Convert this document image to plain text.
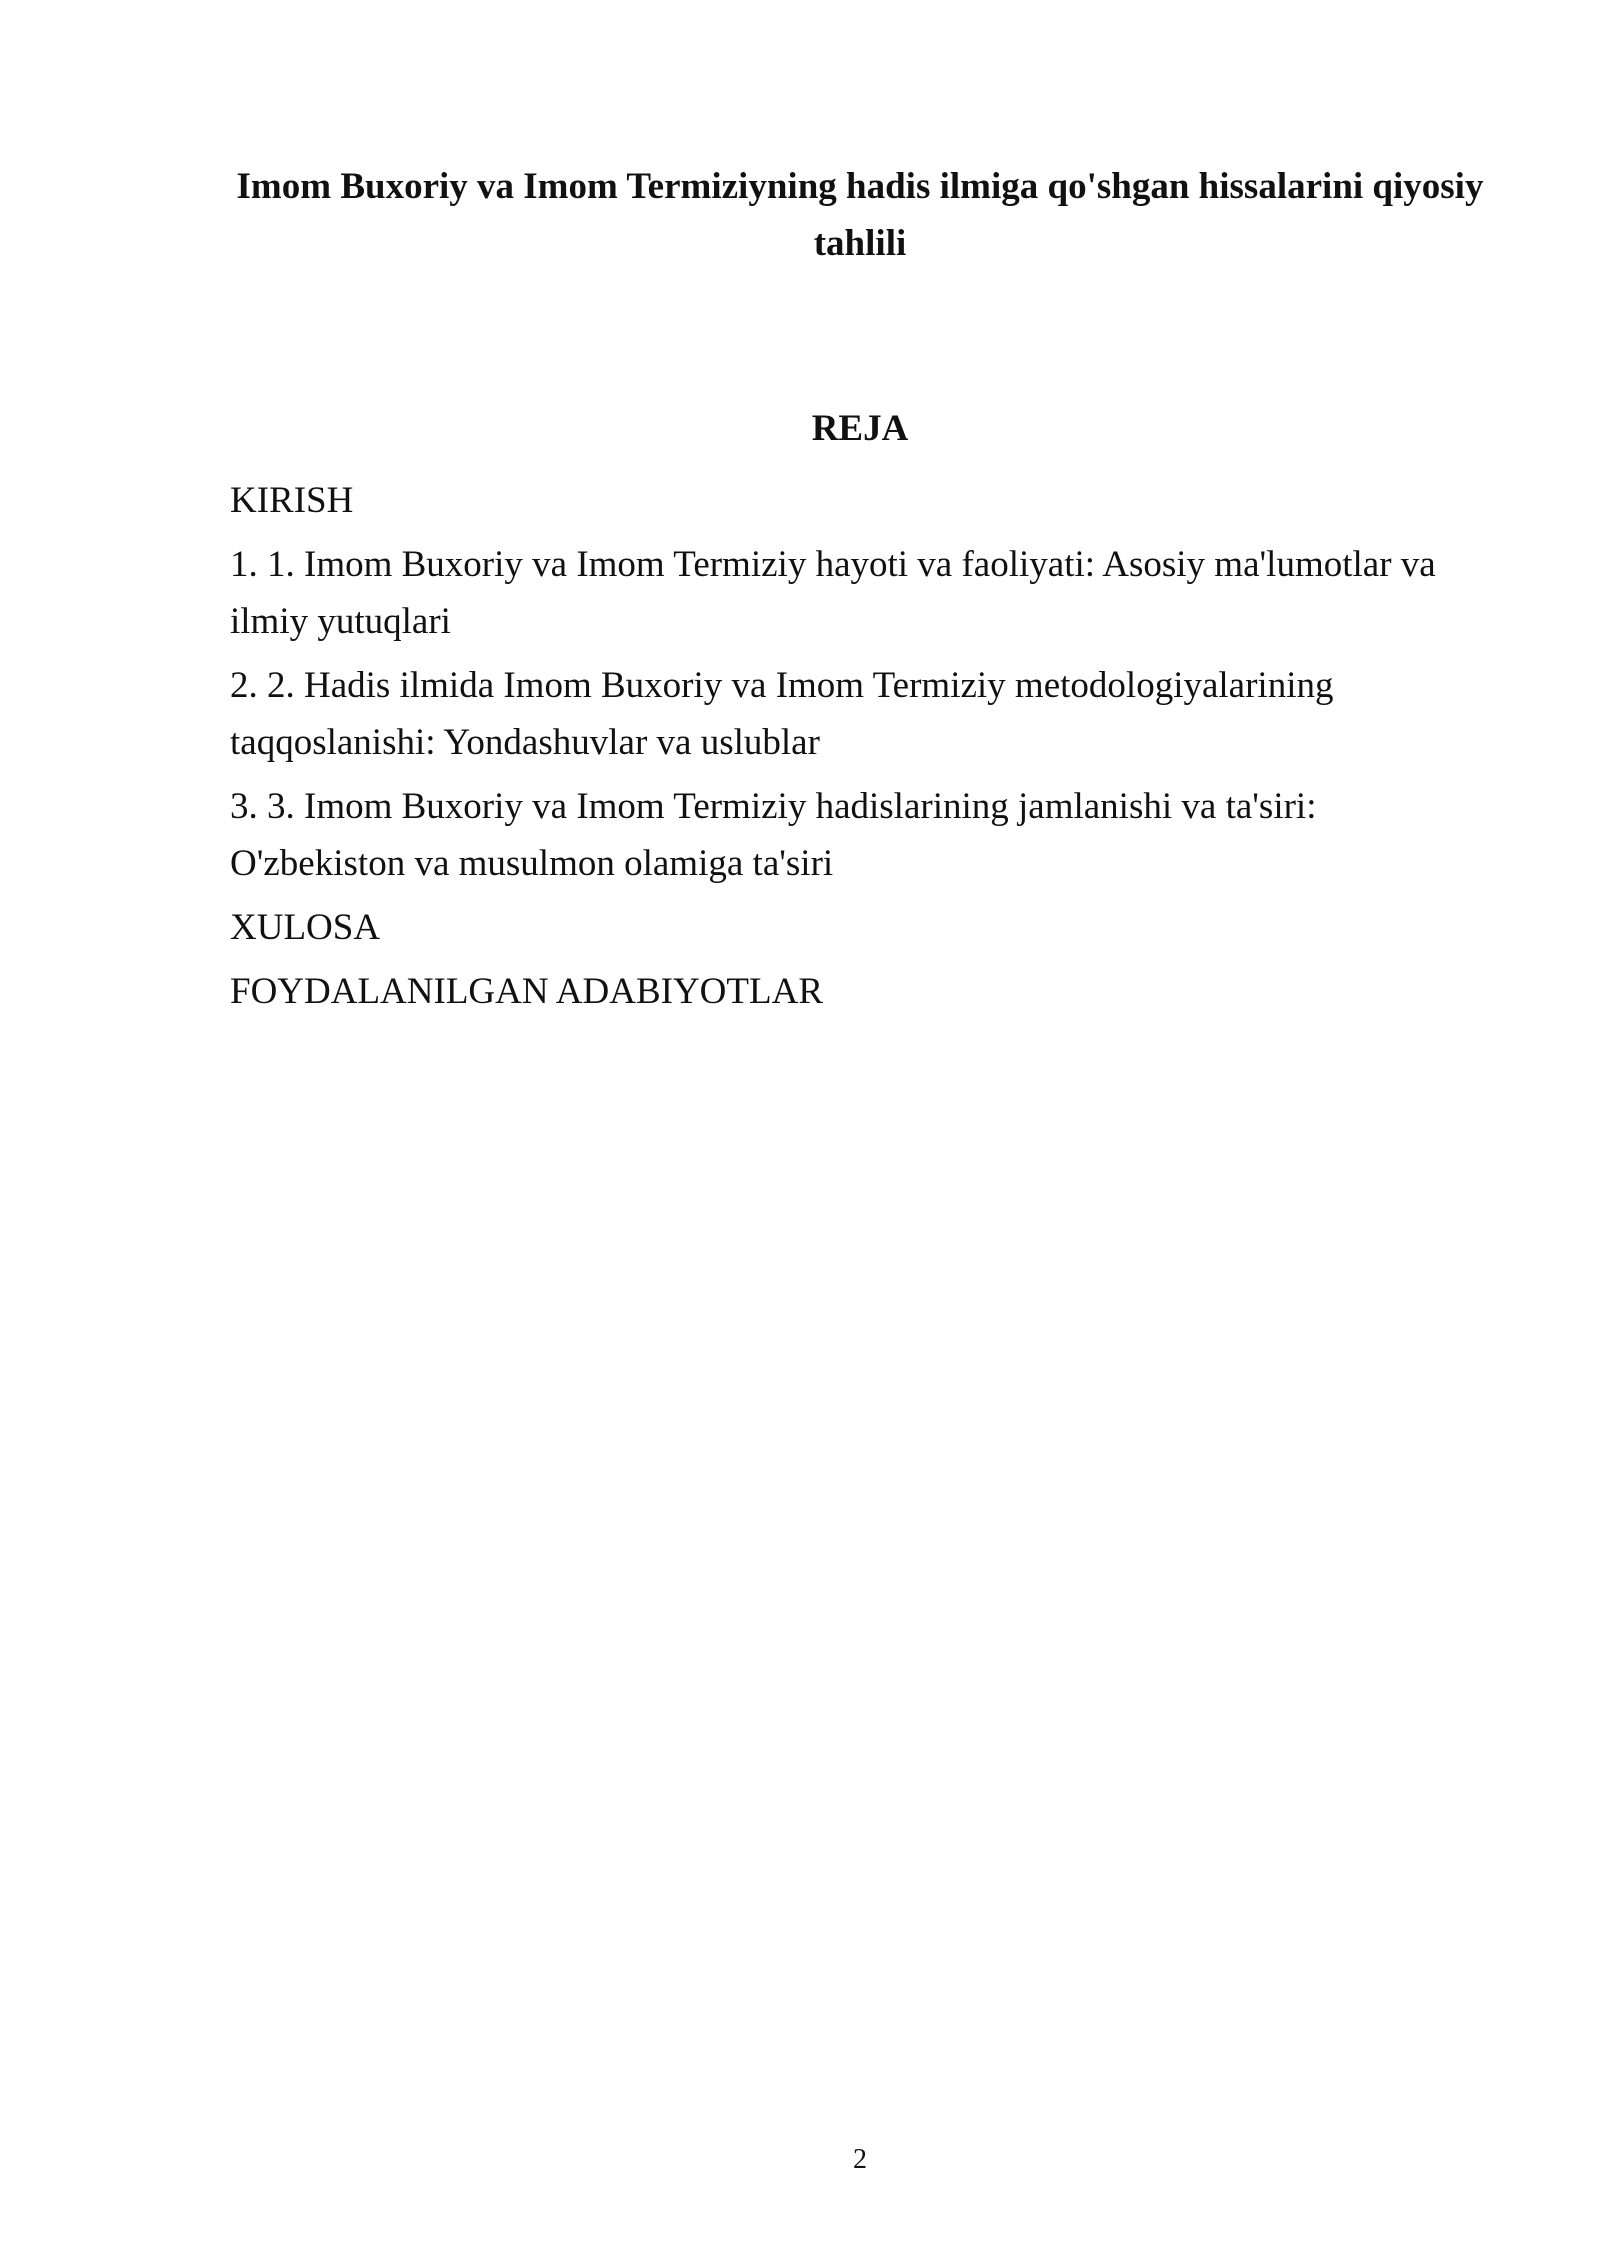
Imom Buxoriy va Imom Termiziyning hadis ilmiga qo'shgan hissalarini qiyosiy tahlili
REJA
KIRISH
1. 1. Imom Buxoriy va Imom Termiziy hayoti va faoliyati: Asosiy ma'lumotlar va ilmiy yutuqlari
2. 2. Hadis ilmida Imom Buxoriy va Imom Termiziy metodologiyalarining taqqoslanishi: Yondashuvlar va uslublar
3. 3. Imom Buxoriy va Imom Termiziy hadislarining jamlanishi va ta'siri: O'zbekiston va musulmon olamiga ta'siri
XULOSA
FOYDALANILGAN ADABIYOTLAR
2
